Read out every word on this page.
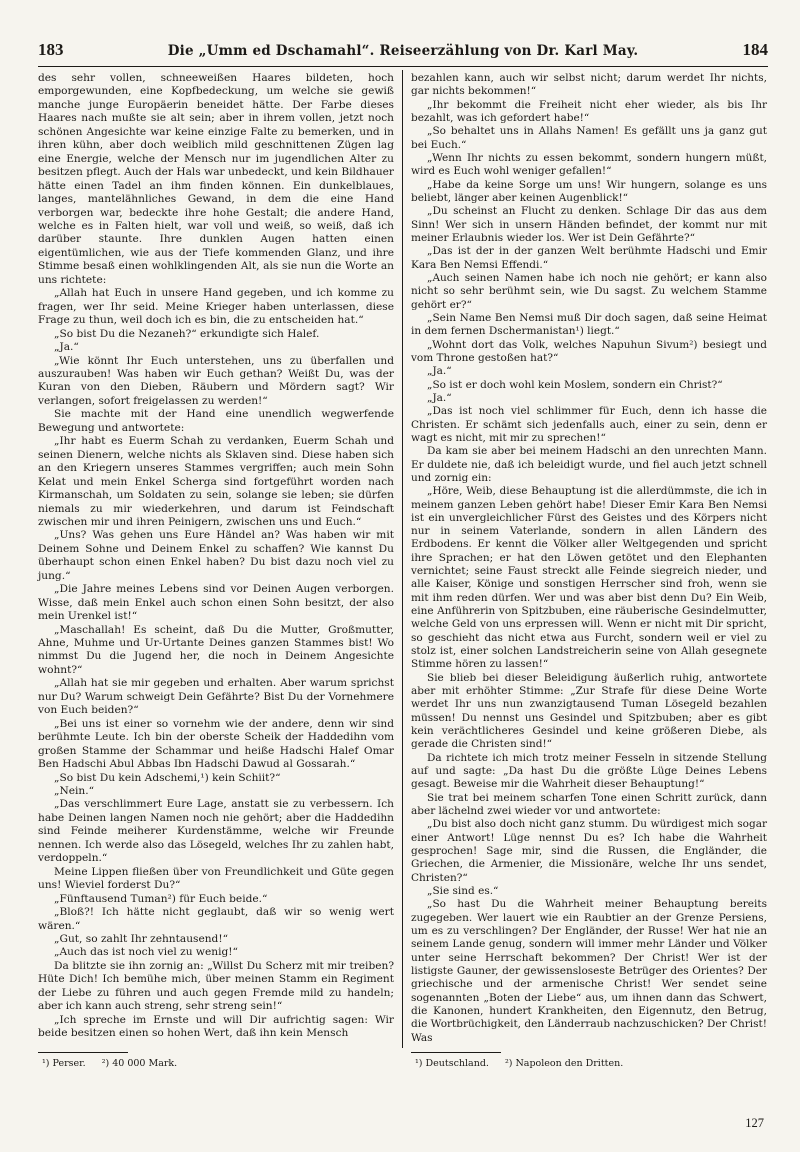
183	Die „Umm ed Dschamahl“. Reiseerzählung von Dr. Karl May.	184

des sehr vollen, schneeweißen Haares bildeten, hoch emporgewunden, eine Kopfbedeckung, um welche sie gewiß manche junge Europäerin beneidet hätte. Der Farbe dieses Haares nach mußte sie alt sein; aber in ihrem vollen, jetzt noch schönen Angesichte war keine einzige Falte zu bemerken, und in ihren kühn, aber doch weiblich mild geschnittenen Zügen lag eine Energie, welche der Mensch nur im jugendlichen Alter zu besitzen pflegt. Auch der Hals war unbedeckt, und kein Bildhauer hätte einen Tadel an ihm finden können. Ein dunkelblaues, langes, mantelähnliches Gewand, in dem die eine Hand verborgen war, bedeckte ihre hohe Gestalt; die andere Hand, welche es in Falten hielt, war voll und weiß, so weiß, daß ich darüber staunte. Ihre dunklen Augen hatten einen eigentümlichen, wie aus der Tiefe kommenden Glanz, und ihre Stimme besaß einen wohlklingenden Alt, als sie nun die Worte an uns richtete:

„Allah hat Euch in unsere Hand gegeben, und ich komme zu fragen, wer Ihr seid. Meine Krieger haben unterlassen, diese Frage zu thun, weil doch ich es bin, die zu entscheiden hat.“

„So bist Du die Nezaneh?“ erkundigte sich Halef.

„Ja.“

„Wie könnt Ihr Euch unterstehen, uns zu überfallen und auszurauben! Was haben wir Euch gethan? Weißt Du, was der Kuran von den Dieben, Räubern und Mördern sagt? Wir verlangen, sofort freigelassen zu werden!“

Sie machte mit der Hand eine unendlich wegwerfende Bewegung und antwortete:

„Ihr habt es Euerm Schah zu verdanken, Euerm Schah und seinen Dienern, welche nichts als Sklaven sind. Diese haben sich an den Kriegern unseres Stammes vergriffen; auch mein Sohn Kelat und mein Enkel Scherga sind fortgeführt worden nach Kirmanschah, um Soldaten zu sein, solange sie leben; sie dürfen niemals zu mir wiederkehren, und darum ist Feindschaft zwischen mir und ihren Peinigern, zwischen uns und Euch.“

„Uns? Was gehen uns Eure Händel an? Was haben wir mit Deinem Sohne und Deinem Enkel zu schaffen? Wie kannst Du überhaupt schon einen Enkel haben? Du bist dazu noch viel zu jung.“

„Die Jahre meines Lebens sind vor Deinen Augen verborgen. Wisse, daß mein Enkel auch schon einen Sohn besitzt, der also mein Urenkel ist!“

„Maschallah! Es scheint, daß Du die Mutter, Großmutter, Ahne, Muhme und Ur-Urtante Deines ganzen Stammes bist! Wo nimmst Du die Jugend her, die noch in Deinem Angesichte wohnt?“

„Allah hat sie mir gegeben und erhalten. Aber warum sprichst nur Du? Warum schweigt Dein Gefährte? Bist Du der Vornehmere von Euch beiden?“

„Bei uns ist einer so vornehm wie der andere, denn wir sind berühmte Leute. Ich bin der oberste Scheik der Haddedihn vom großen Stamme der Schammar und heiße Hadschi Halef Omar Ben Hadschi Abul Abbas Ibn Hadschi Dawud al Gossarah.“

„So bist Du kein Adschemi,¹) kein Schiit?“

„Nein.“

„Das verschlimmert Eure Lage, anstatt sie zu verbessern. Ich habe Deinen langen Namen noch nie gehört; aber die Haddedihn sind Feinde meiherer Kurdenstämme, welche wir Freunde nennen. Ich werde also das Lösegeld, welches Ihr zu zahlen habt, verdoppeln.“

Meine Lippen fließen über von Freundlichkeit und Güte gegen uns! Wieviel forderst Du?“

„Fünftausend Tuman²) für Euch beide.“

„Bloß?! Ich hätte nicht geglaubt, daß wir so wenig wert wären.“

„Gut, so zahlt Ihr zehntausend!“

„Auch das ist noch viel zu wenig!“

Da blitzte sie ihn zornig an: „Willst Du Scherz mit mir treiben? Hüte Dich! Ich bemühe mich, über meinen Stamm ein Regiment der Liebe zu führen und auch gegen Fremde mild zu handeln; aber ich kann auch streng, sehr streng sein!“

„Ich spreche im Ernste und will Dir aufrichtig sagen: Wir beide besitzen einen so hohen Wert, daß ihn kein Mensch

bezahlen kann, auch wir selbst nicht; darum werdet Ihr nichts, gar nichts bekommen!“

„Ihr bekommt die Freiheit nicht eher wieder, als bis Ihr bezahlt, was ich gefordert habe!“

„So behaltet uns in Allahs Namen! Es gefällt uns ja ganz gut bei Euch.“

„Wenn Ihr nichts zu essen bekommt, sondern hungern müßt, wird es Euch wohl weniger gefallen!“

„Habe da keine Sorge um uns! Wir hungern, solange es uns beliebt, länger aber keinen Augenblick!“

„Du scheinst an Flucht zu denken. Schlage Dir das aus dem Sinn! Wer sich in unsern Händen befindet, der kommt nur mit meiner Erlaubnis wieder los. Wer ist Dein Gefährte?“

„Das ist der in der ganzen Welt berühmte Hadschi und Emir Kara Ben Nemsi Effendi.“

„Auch seinen Namen habe ich noch nie gehört; er kann also nicht so sehr berühmt sein, wie Du sagst. Zu welchem Stamme gehört er?“

„Sein Name Ben Nemsi muß Dir doch sagen, daß seine Heimat in dem fernen Dschermanistan¹) liegt.“

„Wohnt dort das Volk, welches Napuhun Sivum²) besiegt und vom Throne gestoßen hat?“

„Ja.“

„So ist er doch wohl kein Moslem, sondern ein Christ?“

„Ja.“

„Das ist noch viel schlimmer für Euch, denn ich hasse die Christen. Er schämt sich jedenfalls auch, einer zu sein, denn er wagt es nicht, mit mir zu sprechen!“

Da kam sie aber bei meinem Hadschi an den unrechten Mann. Er duldete nie, daß ich beleidigt wurde, und fiel auch jetzt schnell und zornig ein:

„Höre, Weib, diese Behauptung ist die allerdümmste, die ich in meinem ganzen Leben gehört habe! Dieser Emir Kara Ben Nemsi ist ein unvergleichlicher Fürst des Geistes und des Körpers nicht nur in seinem Vaterlande, sondern in allen Ländern des Erdbodens. Er kennt die Völker aller Weltgegenden und spricht ihre Sprachen; er hat den Löwen getötet und den Elephanten vernichtet; seine Faust streckt alle Feinde siegreich nieder, und alle Kaiser, Könige und sonstigen Herrscher sind froh, wenn sie mit ihm reden dürfen. Wer und was aber bist denn Du? Ein Weib, eine Anführerin von Spitzbuben, eine räuberische Gesindelmutter, welche Geld von uns erpressen will. Wenn er nicht mit Dir spricht, so geschieht das nicht etwa aus Furcht, sondern weil er viel zu stolz ist, einer solchen Landstreicherin seine von Allah gesegnete Stimme hören zu lassen!“

Sie blieb bei dieser Beleidigung äußerlich ruhig, antwortete aber mit erhöhter Stimme: „Zur Strafe für diese Deine Worte werdet Ihr uns nun zwanzigtausend Tuman Lösegeld bezahlen müssen! Du nennst uns Gesindel und Spitzbuben; aber es gibt kein verächtlicheres Gesindel und keine größeren Diebe, als gerade die Christen sind!“

Da richtete ich mich trotz meiner Fesseln in sitzende Stellung auf und sagte: „Da hast Du die größte Lüge Deines Lebens gesagt. Beweise mir die Wahrheit dieser Behauptung!“

Sie trat bei meinem scharfen Tone einen Schritt zurück, dann aber lächelnd zwei wieder vor und antwortete:

„Du bist also doch nicht ganz stumm. Du würdigest mich sogar einer Antwort! Lüge nennst Du es? Ich habe die Wahrheit gesprochen! Sage mir, sind die Russen, die Engländer, die Griechen, die Armenier, die Missionäre, welche Ihr uns sendet, Christen?“

„Sie sind es.“

„So hast Du die Wahrheit meiner Behauptung bereits zugegeben. Wer lauert wie ein Raubtier an der Grenze Persiens, um es zu verschlingen? Der Engländer, der Russe! Wer hat nie an seinem Lande genug, sondern will immer mehr Länder und Völker unter seine Herrschaft bekommen? Der Christ! Wer ist der listigste Gauner, der gewissensloseste Betrüger des Orientes? Der griechische und der armenische Christ! Wer sendet seine sogenannten „Boten der Liebe“ aus, um ihnen dann das Schwert, die Kanonen, hundert Krankheiten, den Eigennutz, den Betrug, die Wortbrüchigkeit, den Länderraub nachzuschicken? Der Christ! Was

¹) Perser. ²) 40 000 Mark.	¹) Deutschland. ²) Napoleon den Dritten.
127
